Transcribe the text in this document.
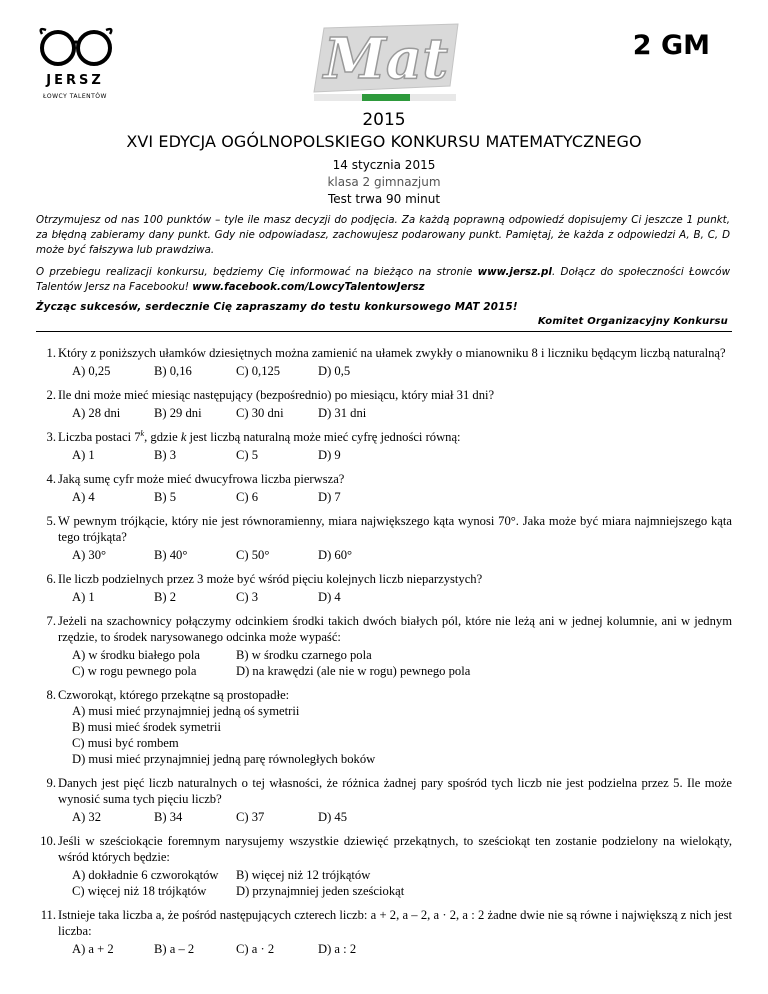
JERSZ
ŁOWCY TALENTÓW
Mat	2 GM
2015
XVI EDYCJA OGÓLNOPOLSKIEGO KONKURSU MATEMATYCZNEGO
14 stycznia 2015
klasa 2 gimnazjum
Test trwa 90 minut
Otrzymujesz od nas 100 punktów – tyle ile masz decyzji do podjęcia. Za każdą poprawną odpowiedź dopisujemy Ci jeszcze 1 punkt, za błędną zabieramy dany punkt. Gdy nie odpowiadasz, zachowujesz podarowany punkt. Pamiętaj, że każda z odpowiedzi A, B, C, D może być fałszywa lub prawdziwa.
O przebiegu realizacji konkursu, będziemy Cię informować na bieżąco na stronie www.jersz.pl. Dołącz do społeczności Łowców Talentów Jersz na Facebooku! www.facebook.com/LowcyTalentowJersz
Życząc sukcesów, serdecznie Cię zapraszamy do testu konkursowego MAT 2015!
Komitet Organizacyjny Konkursu
1. Który z poniższych ułamków dziesiętnych można zamienić na ułamek zwykły o mianowniku 8 i liczniku będącym liczbą naturalną?
A) 0,25	B) 0,16	C) 0,125	D) 0,5
2. Ile dni może mieć miesiąc następujący (bezpośrednio) po miesiącu, który miał 31 dni?
A) 28 dni	B) 29 dni	C) 30 dni	D) 31 dni
3. Liczba postaci 7$^k$, gdzie k jest liczbą naturalną może mieć cyfrę jedności równą:
A) 1	B) 3	C) 5	D) 9
4. Jaką sumę cyfr może mieć dwucyfrowa liczba pierwsza?
A) 4	B) 5	C) 6	D) 7
5. W pewnym trójkącie, który nie jest równoramienny, miara największego kąta wynosi 70°. Jaka może być miara najmniejszego kąta tego trójkąta?
A) 30°	B) 40°	C) 50°	D) 60°
6. Ile liczb podzielnych przez 3 może być wśród pięciu kolejnych liczb nieparzystych?
A) 1	B) 2	C) 3	D) 4
7. Jeżeli na szachownicy połączymy odcinkiem środki takich dwóch białych pól, które nie leżą ani w jednej kolumnie, ani w jednym rzędzie, to środek narysowanego odcinka może wypaść:
A) w środku białego pola	B) w środku czarnego pola
C) w rogu pewnego pola	D) na krawędzi (ale nie w rogu) pewnego pola
8. Czworokąt, którego przekątne są prostopadłe:
A) musi mieć przynajmniej jedną oś symetrii
B) musi mieć środek symetrii
C) musi być rombem
D) musi mieć przynajmniej jedną parę równoległych boków
9. Danych jest pięć liczb naturalnych o tej własności, że różnica żadnej pary spośród tych liczb nie jest podzielna przez 5. Ile może wynosić suma tych pięciu liczb?
A) 32	B) 34	C) 37	D) 45
10. Jeśli w sześciokącie foremnym narysujemy wszystkie dziewięć przekątnych, to sześciokąt ten zostanie podzielony na wielokąty, wśród których będzie:
A) dokładnie 6 czworokątów	B) więcej niż 12 trójkątów
C) więcej niż 18 trójkątów	D) przynajmniej jeden sześciokąt
11. Istnieje taka liczba a, że pośród następujących czterech liczb: a + 2, a – 2, a · 2, a : 2 żadne dwie nie są równe i największą z nich jest liczba:
A) a + 2	B) a – 2	C) a · 2	D) a : 2
